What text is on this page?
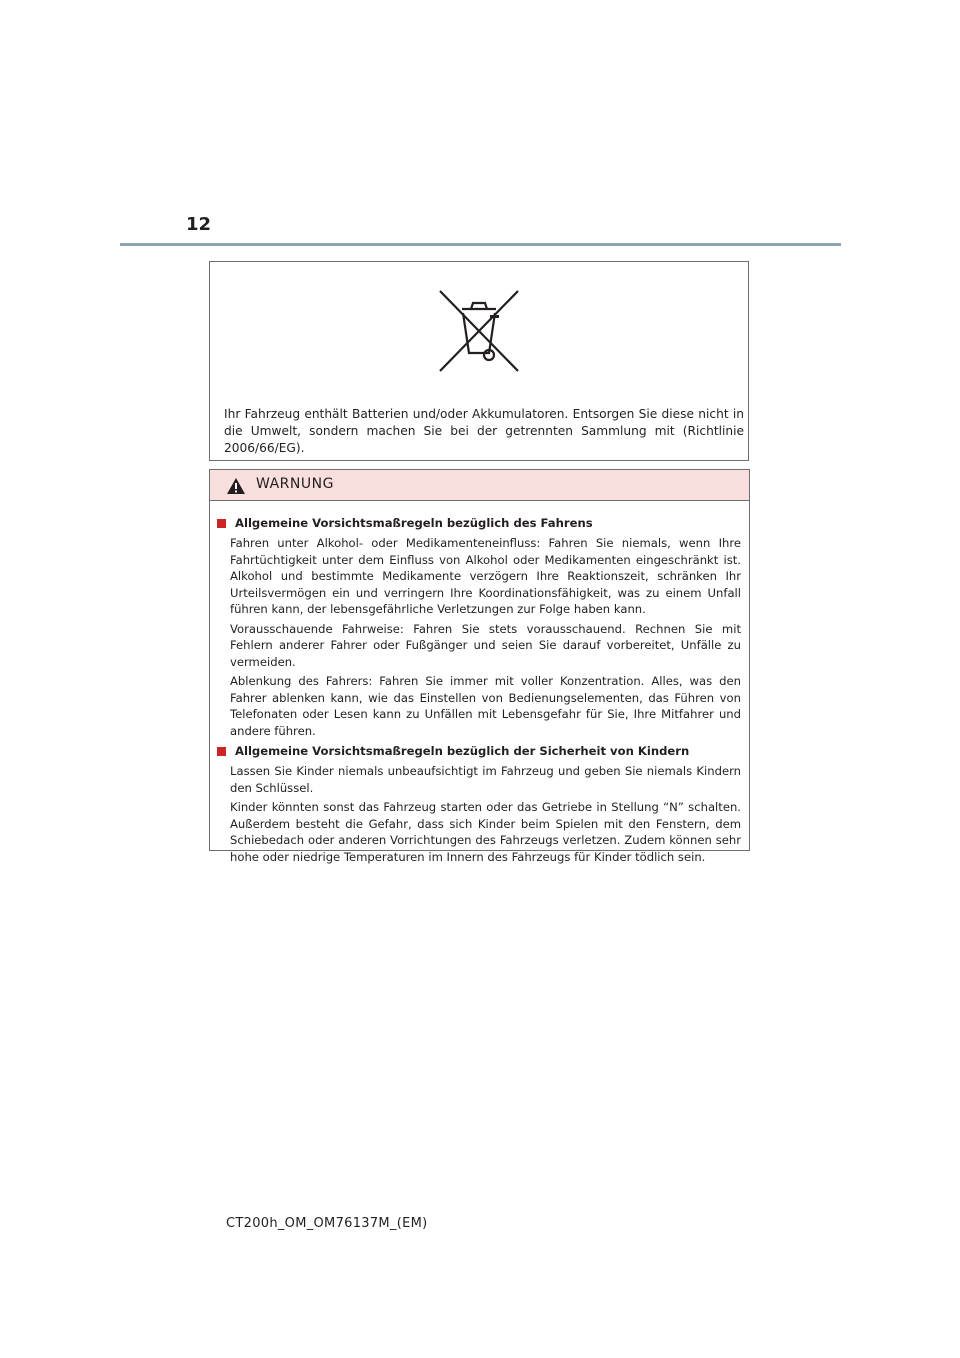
12

Ihr Fahrzeug enthält Batterien und/oder Akkumulatoren. Entsorgen Sie diese nicht in die Umwelt, sondern machen Sie bei der getrennten Sammlung mit (Richtlinie 2006/66/EG).

WARNUNG
Allgemeine Vorsichtsmaßregeln bezüglich des Fahrens

Fahren unter Alkohol- oder Medikamenteneinfluss: Fahren Sie niemals, wenn Ihre Fahrtüchtigkeit unter dem Einfluss von Alkohol oder Medikamenten eingeschränkt ist. Alkohol und bestimmte Medikamente verzögern Ihre Reaktionszeit, schränken Ihr Urteilsvermögen ein und verringern Ihre Koordinationsfähigkeit, was zu einem Unfall führen kann, der lebensgefährliche Verletzungen zur Folge haben kann.

Vorausschauende Fahrweise: Fahren Sie stets vorausschauend. Rechnen Sie mit Fehlern anderer Fahrer oder Fußgänger und seien Sie darauf vorbereitet, Unfälle zu vermeiden.

Ablenkung des Fahrers: Fahren Sie immer mit voller Konzentration. Alles, was den Fahrer ablenken kann, wie das Einstellen von Bedienungselementen, das Führen von Telefonaten oder Lesen kann zu Unfällen mit Lebensgefahr für Sie, Ihre Mitfahrer und andere führen.

Allgemeine Vorsichtsmaßregeln bezüglich der Sicherheit von Kindern

Lassen Sie Kinder niemals unbeaufsichtigt im Fahrzeug und geben Sie niemals Kindern den Schlüssel.

Kinder könnten sonst das Fahrzeug starten oder das Getriebe in Stellung “N” schalten. Außerdem besteht die Gefahr, dass sich Kinder beim Spielen mit den Fenstern, dem Schiebedach oder anderen Vorrichtungen des Fahrzeugs verletzen. Zudem können sehr hohe oder niedrige Temperaturen im Innern des Fahrzeugs für Kinder tödlich sein.

CT200h_OM_OM76137M_(EM)
